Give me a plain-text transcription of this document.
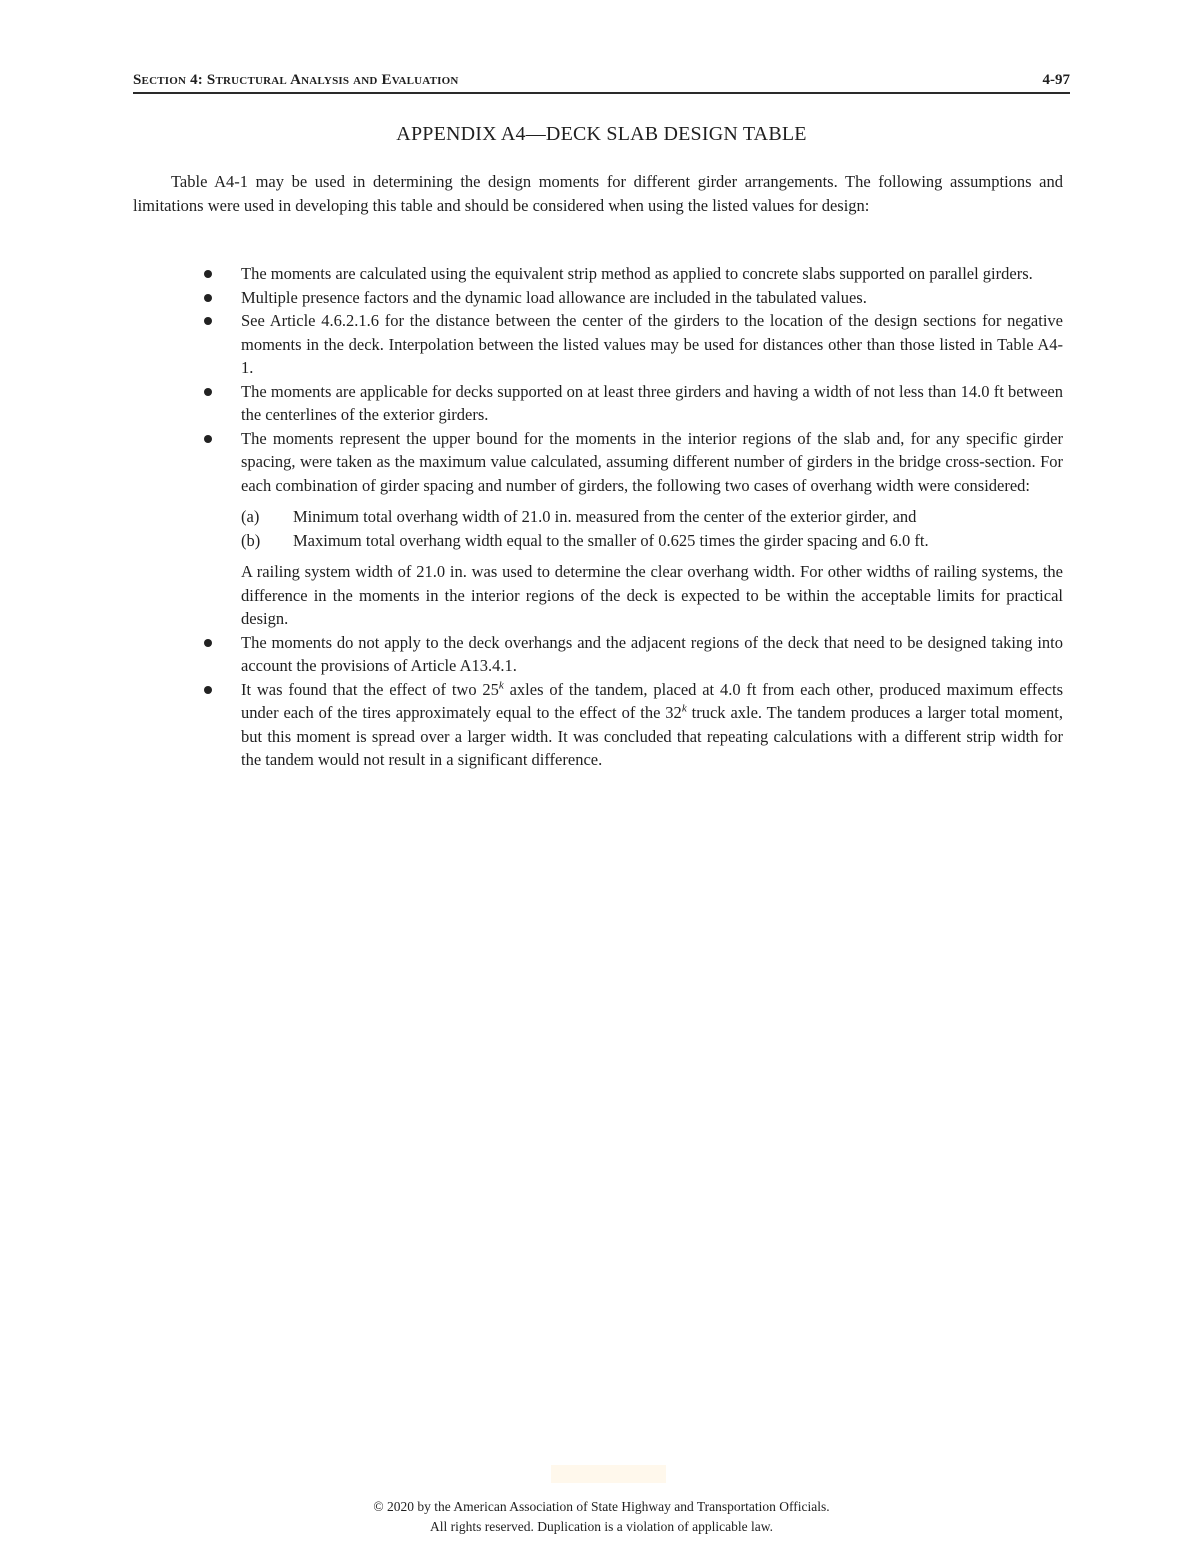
Section 4: Structural Analysis and Evaluation	4-97
APPENDIX A4—DECK SLAB DESIGN TABLE

Table A4-1 may be used in determining the design moments for different girder arrangements. The following assumptions and limitations were used in developing this table and should be considered when using the listed values for design:

The moments are calculated using the equivalent strip method as applied to concrete slabs supported on parallel girders.
Multiple presence factors and the dynamic load allowance are included in the tabulated values.
See Article 4.6.2.1.6 for the distance between the center of the girders to the location of the design sections for negative moments in the deck. Interpolation between the listed values may be used for distances other than those listed in Table A4-1.
The moments are applicable for decks supported on at least three girders and having a width of not less than 14.0 ft between the centerlines of the exterior girders.
The moments represent the upper bound for the moments in the interior regions of the slab and, for any specific girder spacing, were taken as the maximum value calculated, assuming different number of girders in the bridge cross-section. For each combination of girder spacing and number of girders, the following two cases of overhang width were considered:
(a) Minimum total overhang width of 21.0 in. measured from the center of the exterior girder, and
(b) Maximum total overhang width equal to the smaller of 0.625 times the girder spacing and 6.0 ft.

A railing system width of 21.0 in. was used to determine the clear overhang width. For other widths of railing systems, the difference in the moments in the interior regions of the deck is expected to be within the acceptable limits for practical design.

The moments do not apply to the deck overhangs and the adjacent regions of the deck that need to be designed taking into account the provisions of Article A13.4.1.
It was found that the effect of two 25$^k$ axles of the tandem, placed at 4.0 ft from each other, produced maximum effects under each of the tires approximately equal to the effect of the 32$^k$ truck axle. The tandem produces a larger total moment, but this moment is spread over a larger width. It was concluded that repeating calculations with a different strip width for the tandem would not result in a significant difference.
© 2020 by the American Association of State Highway and Transportation Officials.
All rights reserved. Duplication is a violation of applicable law.
